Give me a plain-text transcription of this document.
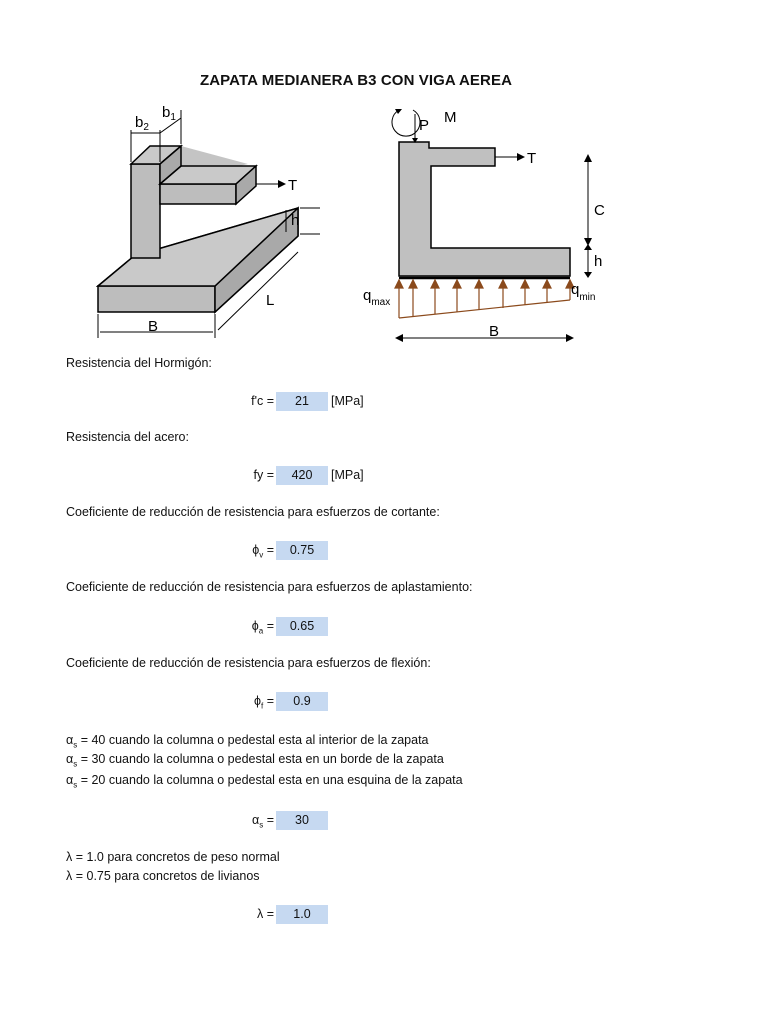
ZAPATA MEDIANERA B3 CON VIGA AEREA
$b_2$
$b_1$
T
h
L
B
M
P
T
C
h
$q_{max}$
$q_{min}$
B
Resistencia del Hormigón:
f'c =	21	[MPa]
Resistencia del acero:
fy =	420	[MPa]
Coeficiente de reducción de resistencia para esfuerzos de cortante:
$\phi_v$ =	0.75
Coeficiente de reducción de resistencia para esfuerzos de aplastamiento:
$\phi_a$ =	0.65
Coeficiente de reducción de resistencia para esfuerzos de flexión:
$\phi_f$ =	0.9
$\alpha_s = 40$ cuando la columna o pedestal esta al interior de la zapata
$\alpha_s = 30$ cuando la columna o pedestal esta en un borde de la zapata
$\alpha_s = 20$ cuando la columna o pedestal esta en una esquina de la zapata
$\alpha_s$ =	30
λ = 1.0 para concretos de peso normal
λ = 0.75 para concretos de livianos
λ =	1.0
